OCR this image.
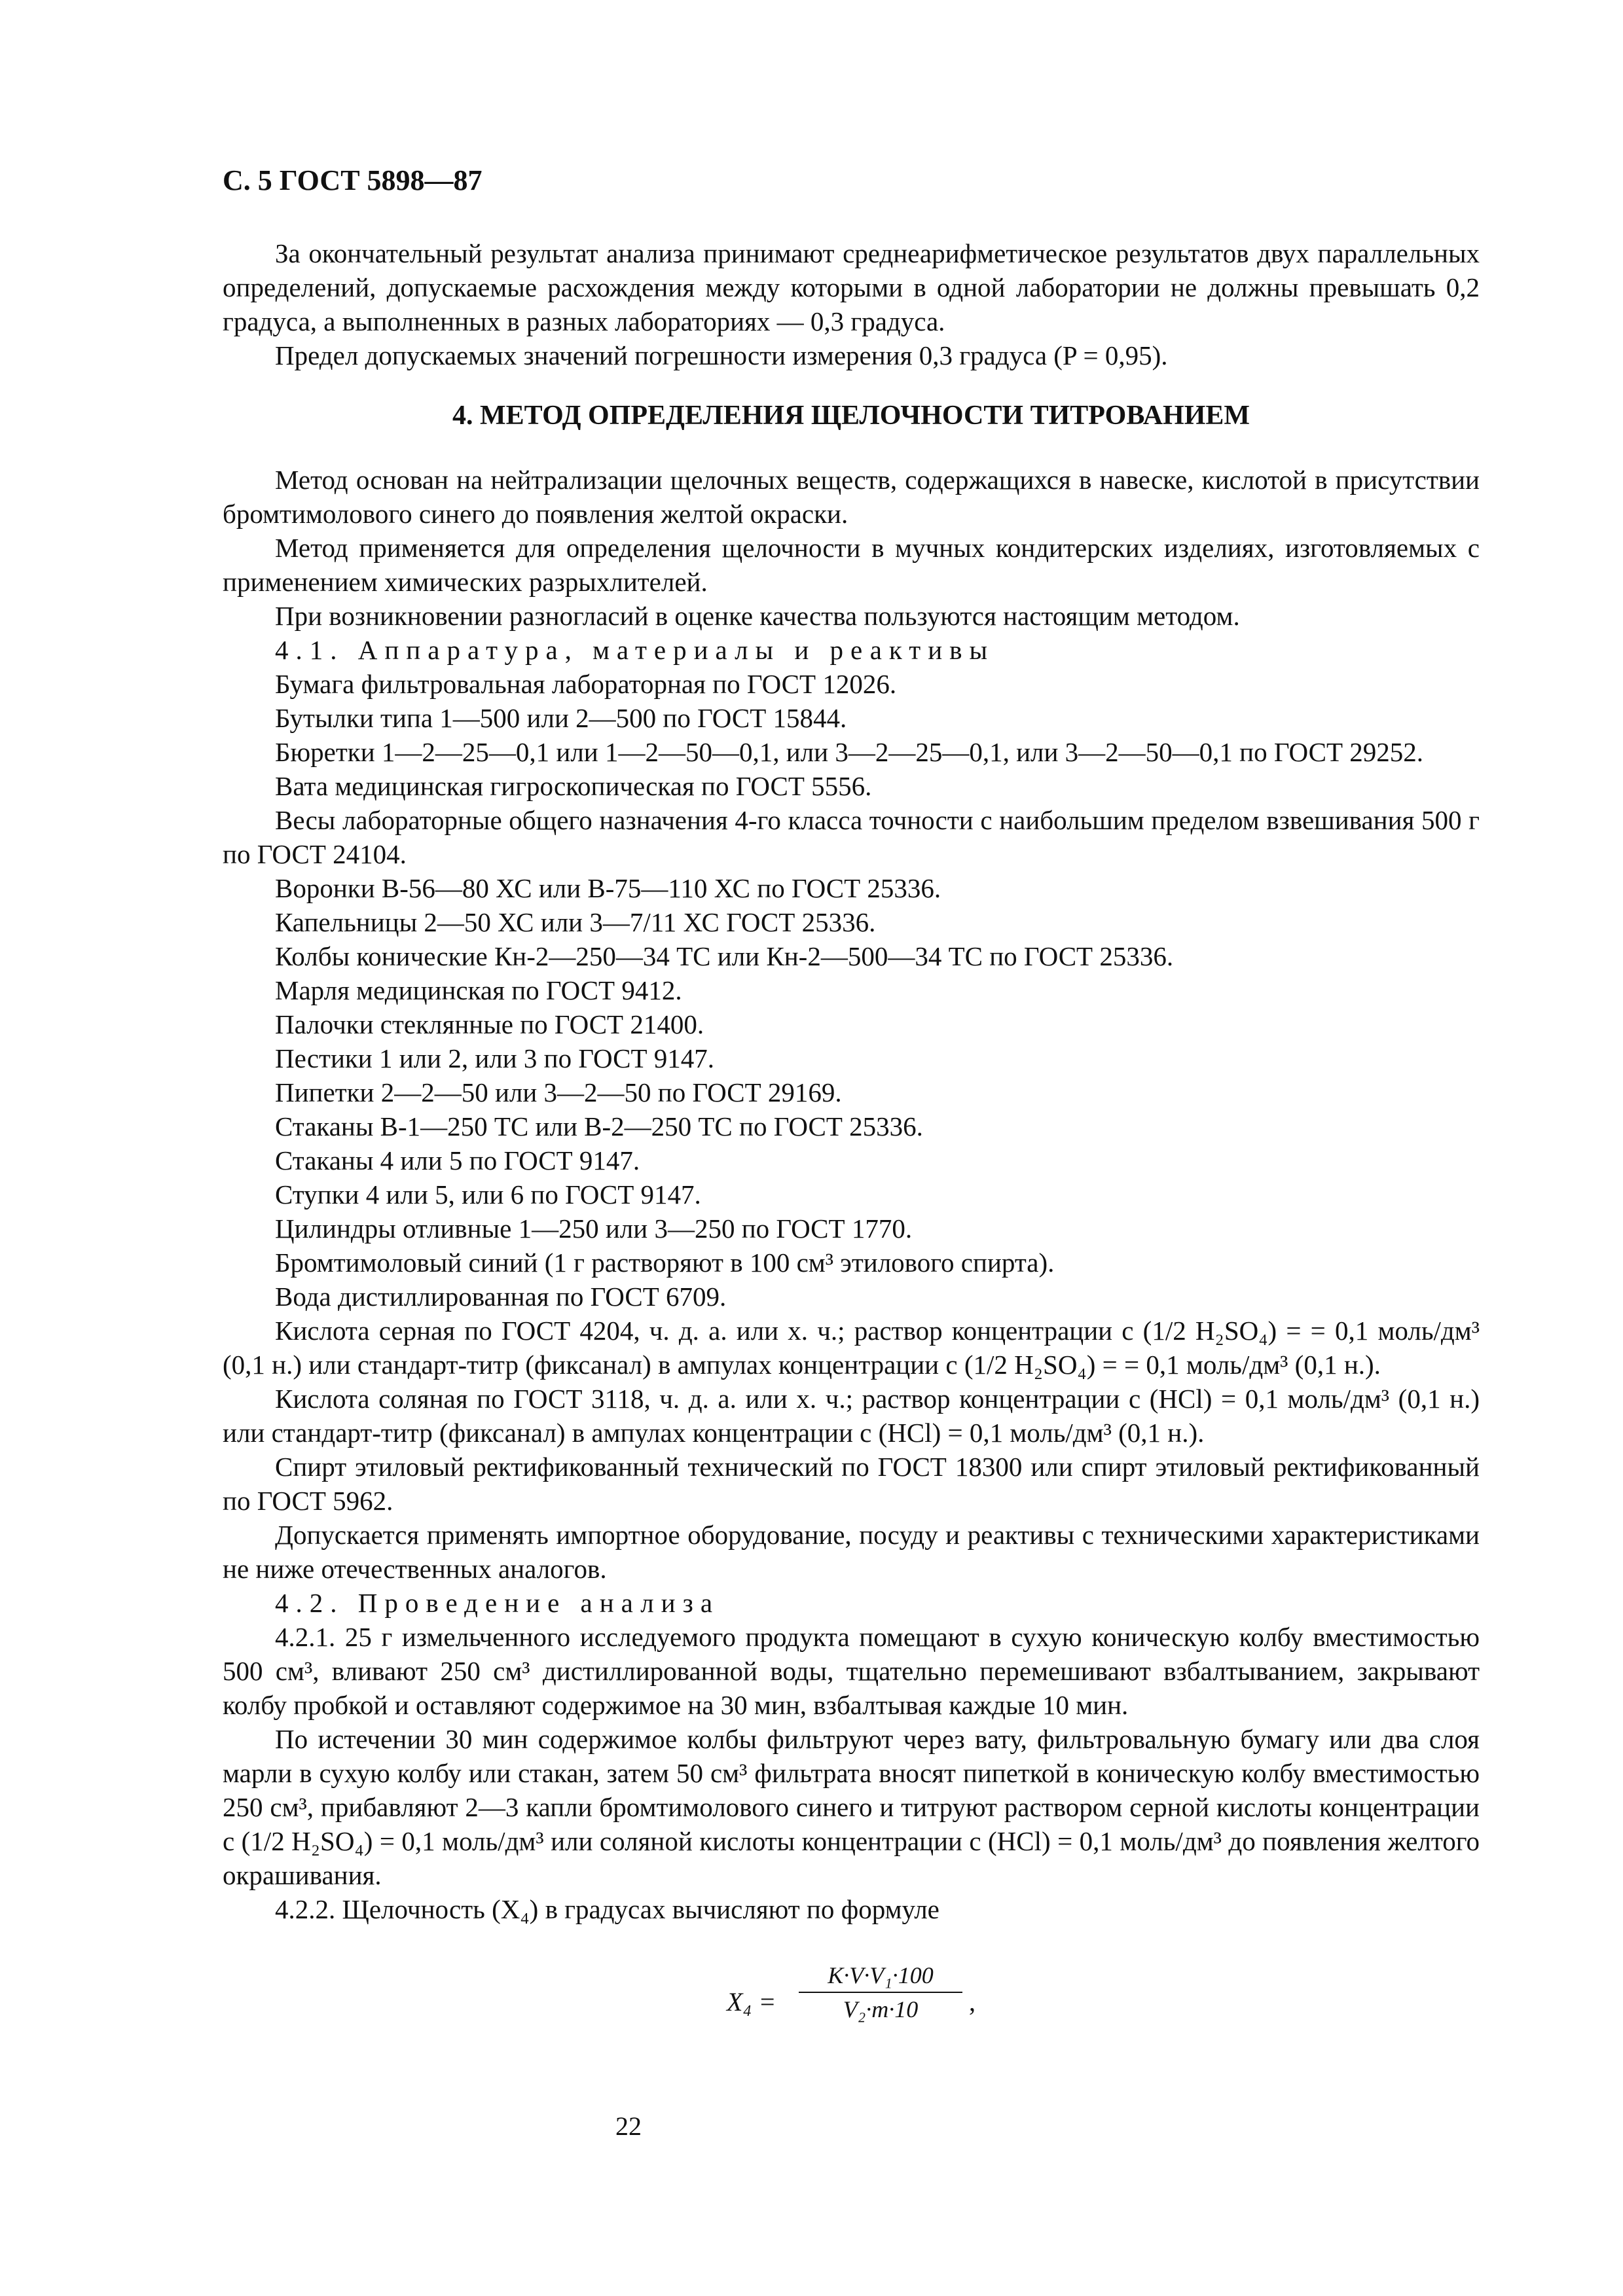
С. 5 ГОСТ 5898—87

За окончательный результат анализа принимают среднеарифметическое результатов двух параллельных определений, допускаемые расхождения между которыми в одной лаборатории не должны превышать 0,2 градуса, а выполненных в разных лабораториях — 0,3 градуса.

Предел допускаемых значений погрешности измерения 0,3 градуса (P = 0,95).

4. МЕТОД ОПРЕДЕЛЕНИЯ ЩЕЛОЧНОСТИ ТИТРОВАНИЕМ

Метод основан на нейтрализации щелочных веществ, содержащихся в навеске, кислотой в присутствии бромтимолового синего до появления желтой окраски.

Метод применяется для определения щелочности в мучных кондитерских изделиях, изготовляемых с применением химических разрыхлителей.

При возникновении разногласий в оценке качества пользуются настоящим методом.

4.1. Аппаратура, материалы и реактивы
Бумага фильтровальная лабораторная по ГОСТ 12026.
Бутылки типа 1—500 или 2—500 по ГОСТ 15844.
Бюретки 1—2—25—0,1 или 1—2—50—0,1, или 3—2—25—0,1, или 3—2—50—0,1 по ГОСТ 29252.
Вата медицинская гигроскопическая по ГОСТ 5556.

Весы лабораторные общего назначения 4-го класса точности с наибольшим пределом взвешивания 500 г по ГОСТ 24104.

Воронки В-56—80 ХС или В-75—110 ХС по ГОСТ 25336.
Капельницы 2—50 ХС или 3—7/11 ХС ГОСТ 25336.
Колбы конические Кн-2—250—34 ТС или Кн-2—500—34 ТС по ГОСТ 25336.
Марля медицинская по ГОСТ 9412.
Палочки стеклянные по ГОСТ 21400.
Пестики 1 или 2, или 3 по ГОСТ 9147.
Пипетки 2—2—50 или 3—2—50 по ГОСТ 29169.
Стаканы В-1—250 ТС или В-2—250 ТС по ГОСТ 25336.
Стаканы 4 или 5 по ГОСТ 9147.
Ступки 4 или 5, или 6 по ГОСТ 9147.
Цилиндры отливные 1—250 или 3—250 по ГОСТ 1770.
Бромтимоловый синий (1 г растворяют в 100 см³ этилового спирта).
Вода дистиллированная по ГОСТ 6709.

Кислота серная по ГОСТ 4204, ч. д. а. или х. ч.; раствор концентрации c (1/2 H₂SO₄) = = 0,1 моль/дм³ (0,1 н.) или стандарт-титр (фиксанал) в ампулах концентрации c (1/2 H₂SO₄) = = 0,1 моль/дм³ (0,1 н.).

Кислота соляная по ГОСТ 3118, ч. д. а. или х. ч.; раствор концентрации c (HCl) = 0,1 моль/дм³ (0,1 н.) или стандарт-титр (фиксанал) в ампулах концентрации c (HCl) = 0,1 моль/дм³ (0,1 н.).

Спирт этиловый ректификованный технический по ГОСТ 18300 или спирт этиловый ректификованный по ГОСТ 5962.

Допускается применять импортное оборудование, посуду и реактивы с техническими характеристиками не ниже отечественных аналогов.

4.2. Проведение анализа

4.2.1. 25 г измельченного исследуемого продукта помещают в сухую коническую колбу вместимостью 500 см³, вливают 250 см³ дистиллированной воды, тщательно перемешивают взбалтыванием, закрывают колбу пробкой и оставляют содержимое на 30 мин, взбалтывая каждые 10 мин.

По истечении 30 мин содержимое колбы фильтруют через вату, фильтровальную бумагу или два слоя марли в сухую колбу или стакан, затем 50 см³ фильтрата вносят пипеткой в коническую колбу вместимостью 250 см³, прибавляют 2—3 капли бромтимолового синего и титруют раствором серной кислоты концентрации c (1/2 H₂SO₄) = 0,1 моль/дм³ или соляной кислоты концентрации c (HCl) = 0,1 моль/дм³ до появления желтого окрашивания.

4.2.2. Щелочность (X₄) в градусах вычисляют по формуле
$X_4 = \frac{\text{K·V·V₁·100}}{\text{V₂·m·10}}$ ,
22
